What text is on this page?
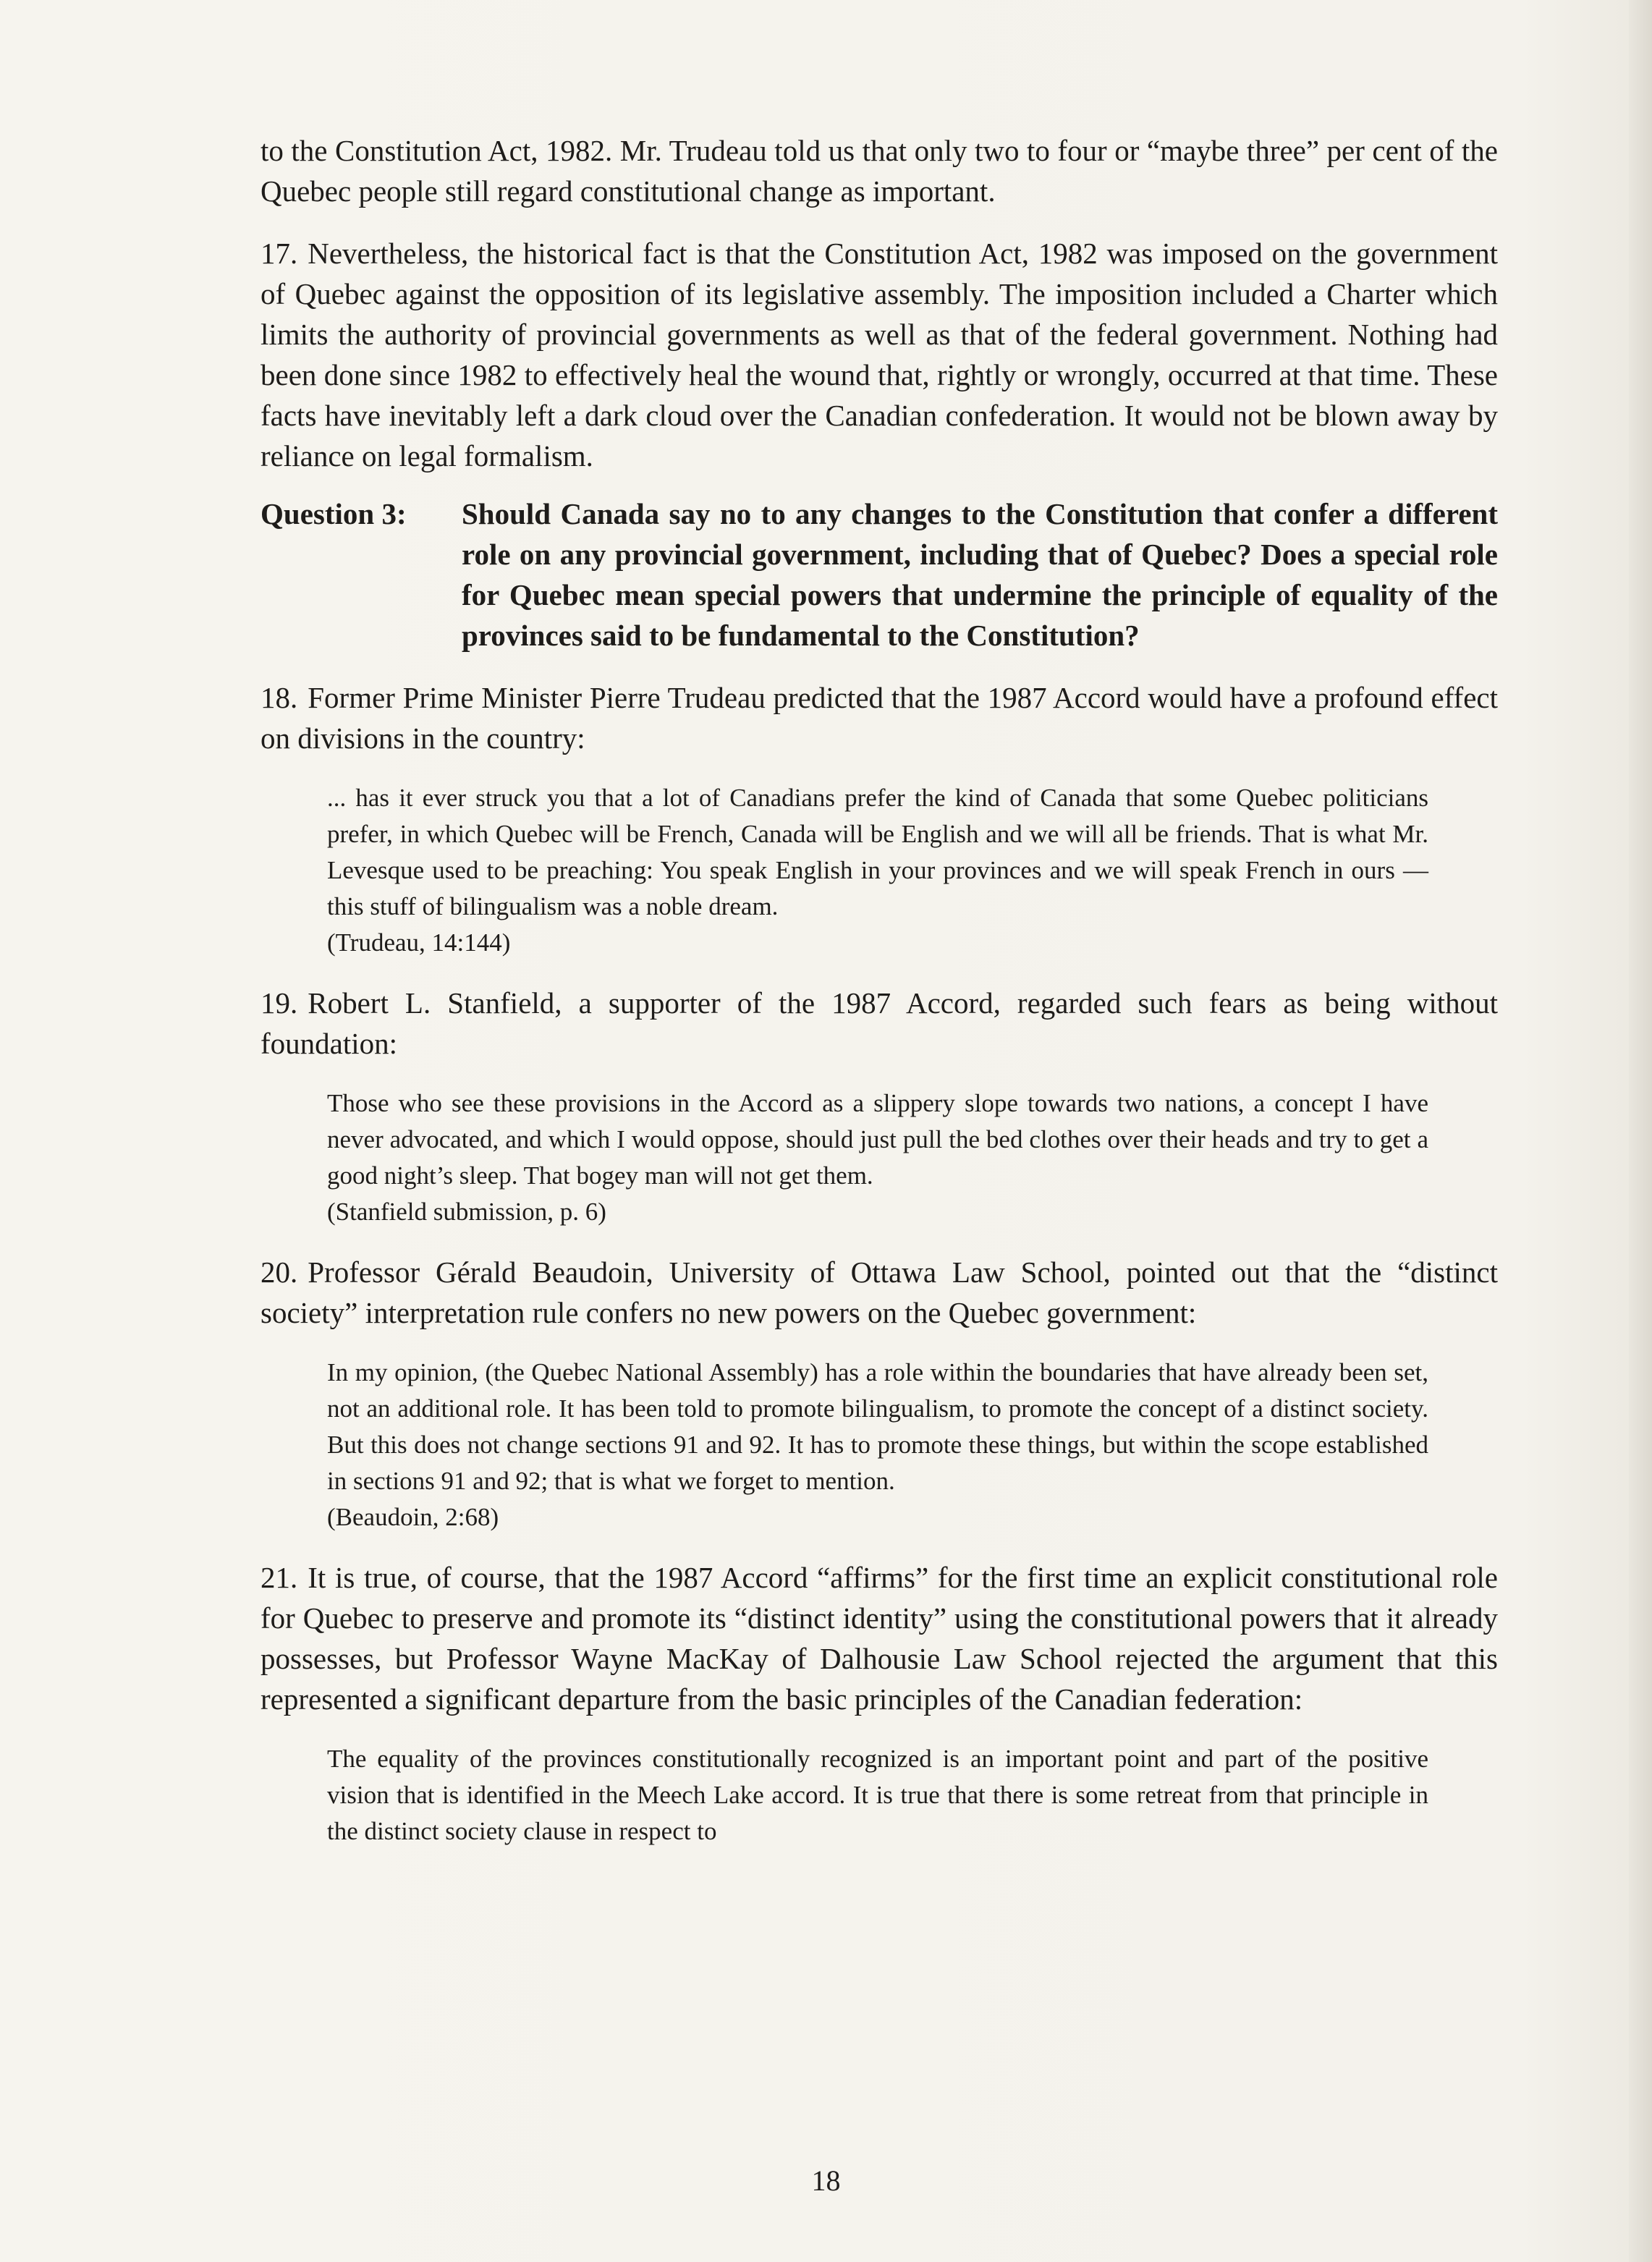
to the Constitution Act, 1982. Mr. Trudeau told us that only two to four or “maybe three” per cent of the Quebec people still regard constitutional change as important.

17. Nevertheless, the historical fact is that the Constitution Act, 1982 was imposed on the government of Quebec against the opposition of its legislative assembly. The imposition included a Charter which limits the authority of provincial governments as well as that of the federal government. Nothing had been done since 1982 to effectively heal the wound that, rightly or wrongly, occurred at that time. These facts have inevitably left a dark cloud over the Canadian confederation. It would not be blown away by reliance on legal formalism.

Question 3:	Should Canada say no to any changes to the Constitution that confer a different role on any provincial government, including that of Quebec? Does a special role for Quebec mean special powers that undermine the principle of equality of the provinces said to be fundamental to the Constitution?

18. Former Prime Minister Pierre Trudeau predicted that the 1987 Accord would have a profound effect on divisions in the country:

... has it ever struck you that a lot of Canadians prefer the kind of Canada that some Quebec politicians prefer, in which Quebec will be French, Canada will be English and we will all be friends. That is what Mr. Levesque used to be preaching: You speak English in your provinces and we will speak French in ours — this stuff of bilingualism was a noble dream.
(Trudeau, 14:144)

19. Robert L. Stanfield, a supporter of the 1987 Accord, regarded such fears as being without foundation:

Those who see these provisions in the Accord as a slippery slope towards two nations, a concept I have never advocated, and which I would oppose, should just pull the bed clothes over their heads and try to get a good night’s sleep. That bogey man will not get them.
(Stanfield submission, p. 6)

20. Professor Gérald Beaudoin, University of Ottawa Law School, pointed out that the “distinct society” interpretation rule confers no new powers on the Quebec government:

In my opinion, (the Quebec National Assembly) has a role within the boundaries that have already been set, not an additional role. It has been told to promote bilingualism, to promote the concept of a distinct society. But this does not change sections 91 and 92. It has to promote these things, but within the scope established in sections 91 and 92; that is what we forget to mention.
(Beaudoin, 2:68)

21. It is true, of course, that the 1987 Accord “affirms” for the first time an explicit constitutional role for Quebec to preserve and promote its “distinct identity” using the constitutional powers that it already possesses, but Professor Wayne MacKay of Dalhousie Law School rejected the argument that this represented a significant departure from the basic principles of the Canadian federation:

The equality of the provinces constitutionally recognized is an important point and part of the positive vision that is identified in the Meech Lake accord. It is true that there is some retreat from that principle in the distinct society clause in respect to
18
